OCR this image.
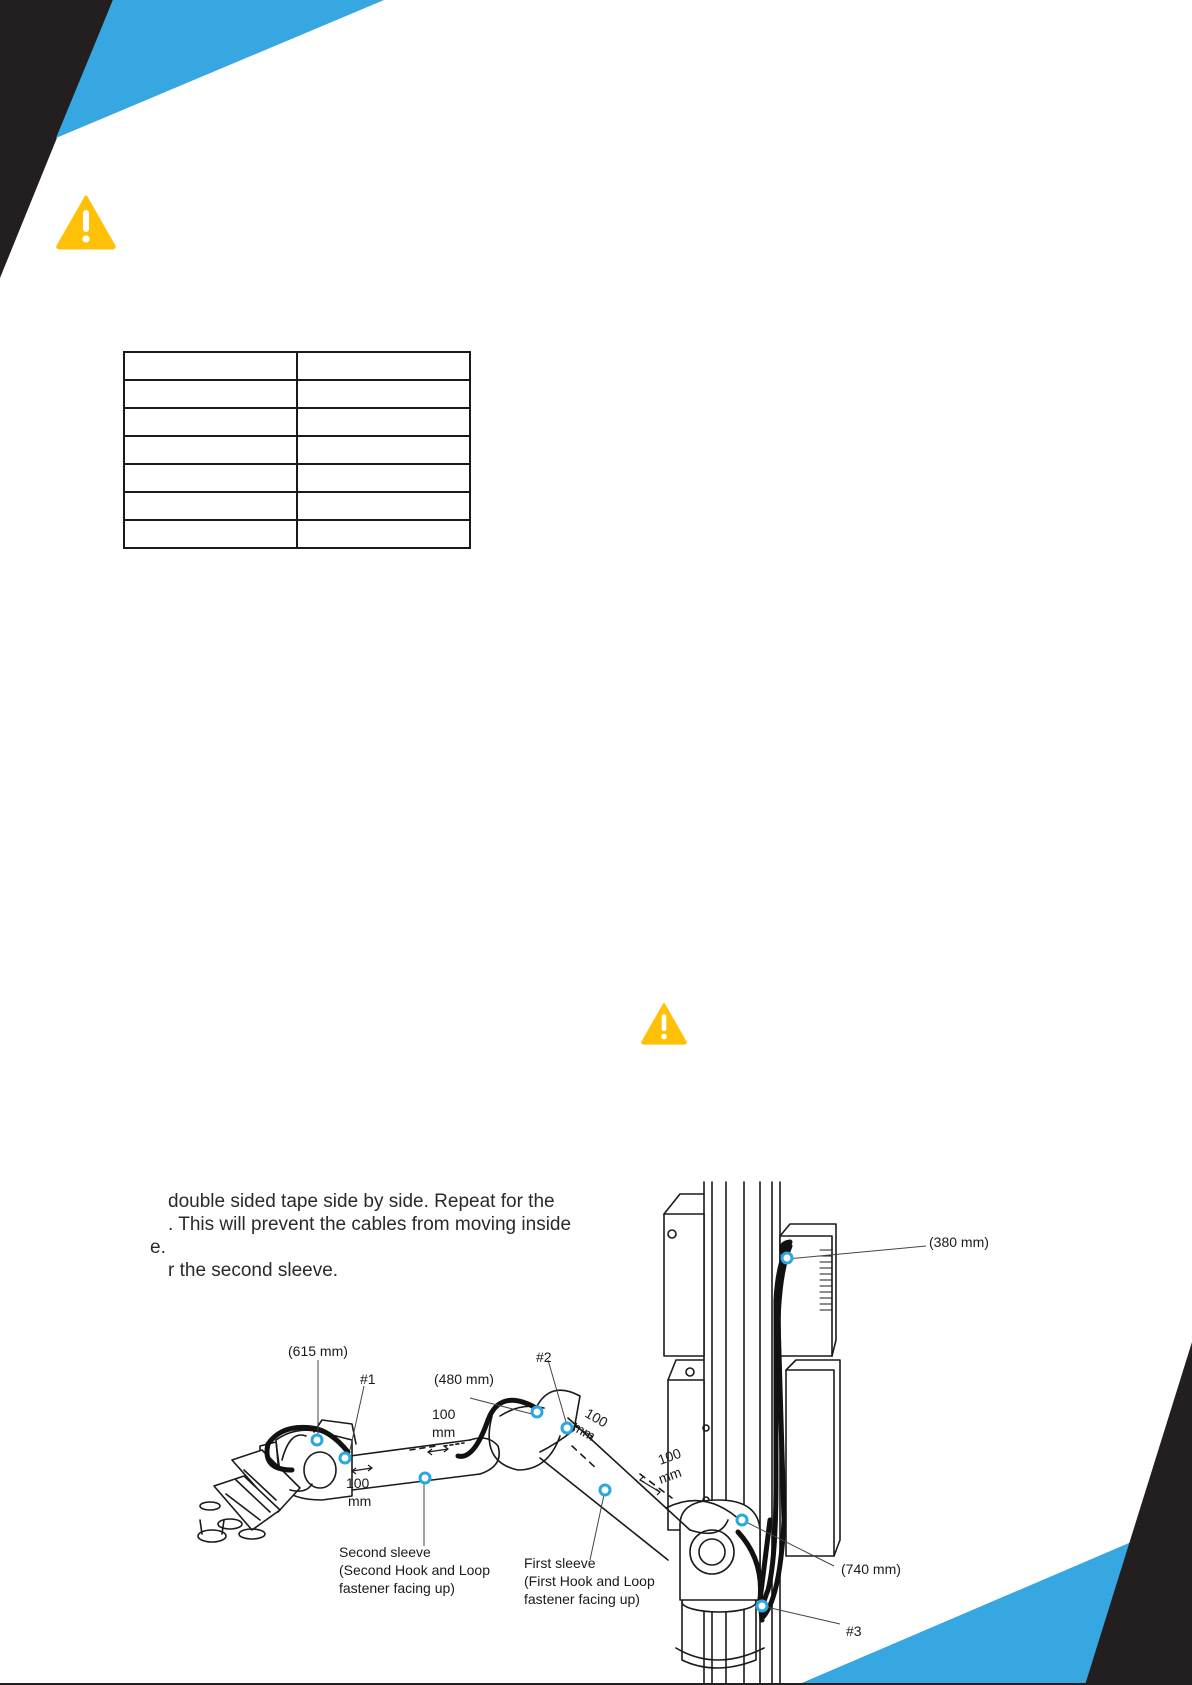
double sided tape side by side. Repeat for the
. This will prevent the cables from moving inside
e.
r the second sleeve.
(615 mm)
#1	(480 mm)
#2
100
mm
100
mm
100
mm
100
mm
(380 mm)
(740 mm)
#3
Second sleeve
(Second Hook and Loop
fastener facing up)
First sleeve
(First Hook and Loop
fastener facing up)
